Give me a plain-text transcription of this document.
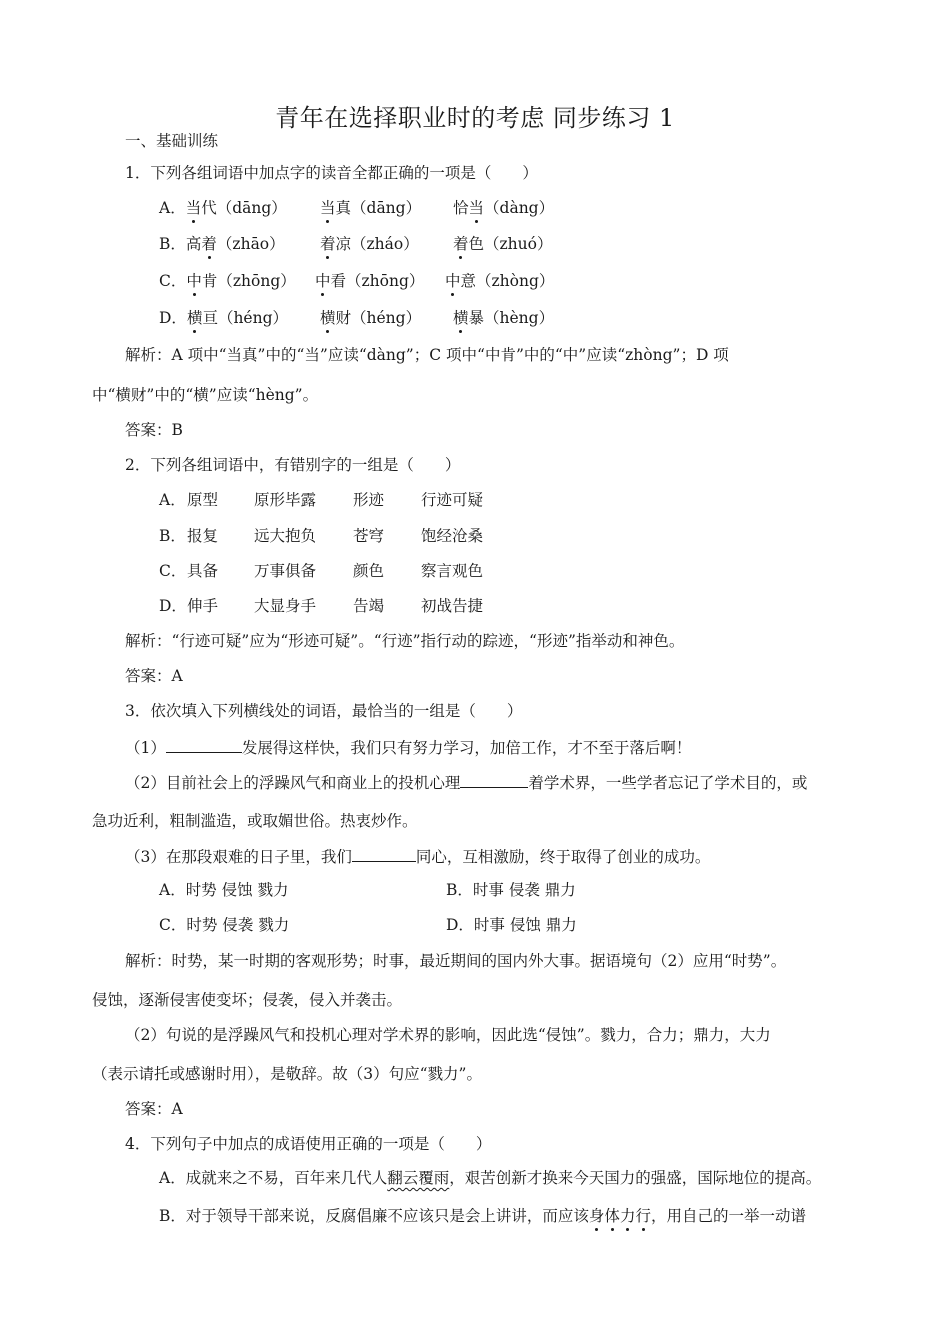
青年在选择职业时的考虑 同步练习 1
一、基础训练
1．下列各组词语中加点字的读音全都正确的一项是（　　）
A．当代（dāng） 当真（dāng） 恰当（dàng）
B．高着（zhāo） 着凉（zháo） 着色（zhuó）
C．中肯（zhōng） 中看（zhōng） 中意（zhòng）
D．横亘（héng） 横财（héng） 横暴（hèng）
解析：A 项中“当真”中的“当”应读“dàng”；C 项中“中肯”中的“中”应读“zhòng”；D 项
中“横财”中的“横”应读“hèng”。
答案：B
2．下列各组词语中，有错别字的一组是（　　）
A． 原型 原形毕露 形迹 行迹可疑
B． 报复 远大抱负 苍穹 饱经沧桑
C． 具备 万事俱备 颜色 察言观色
D． 伸手 大显身手 告竭 初战告捷
解析：“行迹可疑”应为“形迹可疑”。“行迹”指行动的踪迹，“形迹”指举动和神色。
答案：A
3．依次填入下列横线处的词语，最恰当的一组是（　　）
（1）	发展得这样快，我们只有努力学习，加倍工作，才不至于落后啊！
（2）目前社会上的浮躁风气和商业上的投机心理	着学术界，一些学者忘记了学术目的，或
急功近利，粗制滥造，或取媚世俗。热衷炒作。
（3）在那段艰难的日子里，我们	同心，互相激励，终于取得了创业的成功。
A．时势 侵蚀 戮力	B．时事 侵袭 鼎力
C．时势 侵袭 戮力	D．时事 侵蚀 鼎力
解析：时势，某一时期的客观形势；时事，最近期间的国内外大事。据语境句（2）应用“时势”。
侵蚀，逐渐侵害使变坏；侵袭，侵入并袭击。
（2）句说的是浮躁风气和投机心理对学术界的影响，因此选“侵蚀”。戮力，合力；鼎力，大力
（表示请托或感谢时用），是敬辞。故（3）句应“戮力”。
答案：A
4．下列句子中加点的成语使用正确的一项是（　　）
A．成就来之不易，百年来几代人翻云覆雨，艰苦创新才换来今天国力的强盛，国际地位的提高。
B．对于领导干部来说，反腐倡廉不应该只是会上讲讲，而应该身体力行，用自己的一举一动谱
